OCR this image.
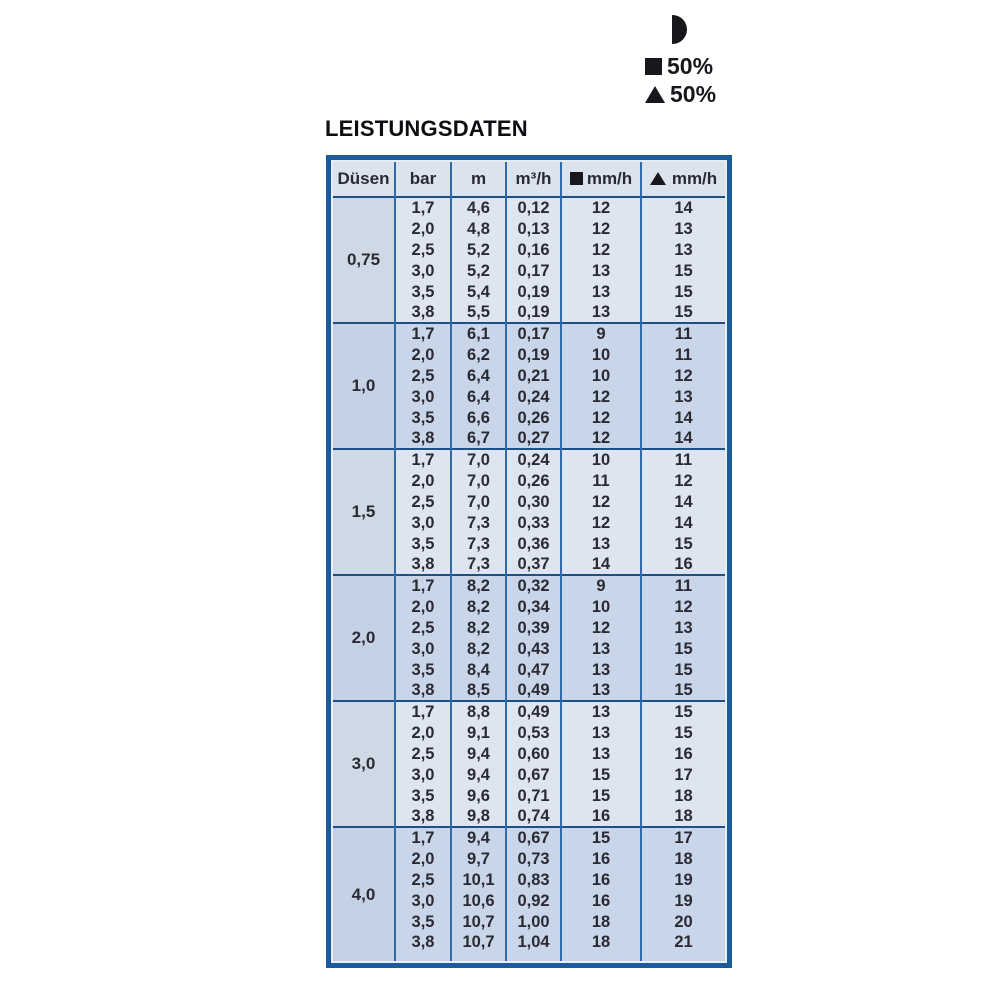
50%
50%
LEISTUNGSDATEN
Düsen	bar	m	m³/h	mm/h	mm/h
0,75	1,7	4,6	0,12	12	14
	2,0	4,8	0,13	12	13
	2,5	5,2	0,16	12	13
	3,0	5,2	0,17	13	15
	3,5	5,4	0,19	13	15
	3,8	5,5	0,19	13	15
1,0	1,7	6,1	0,17	9	11
	2,0	6,2	0,19	10	11
	2,5	6,4	0,21	10	12
	3,0	6,4	0,24	12	13
	3,5	6,6	0,26	12	14
	3,8	6,7	0,27	12	14
1,5	1,7	7,0	0,24	10	11
	2,0	7,0	0,26	11	12
	2,5	7,0	0,30	12	14
	3,0	7,3	0,33	12	14
	3,5	7,3	0,36	13	15
	3,8	7,3	0,37	14	16
2,0	1,7	8,2	0,32	9	11
	2,0	8,2	0,34	10	12
	2,5	8,2	0,39	12	13
	3,0	8,2	0,43	13	15
	3,5	8,4	0,47	13	15
	3,8	8,5	0,49	13	15
3,0	1,7	8,8	0,49	13	15
	2,0	9,1	0,53	13	15
	2,5	9,4	0,60	13	16
	3,0	9,4	0,67	15	17
	3,5	9,6	0,71	15	18
	3,8	9,8	0,74	16	18
4,0	1,7	9,4	0,67	15	17
	2,0	9,7	0,73	16	18
	2,5	10,1	0,83	16	19
	3,0	10,6	0,92	16	19
	3,5	10,7	1,00	18	20
	3,8	10,7	1,04	18	21
